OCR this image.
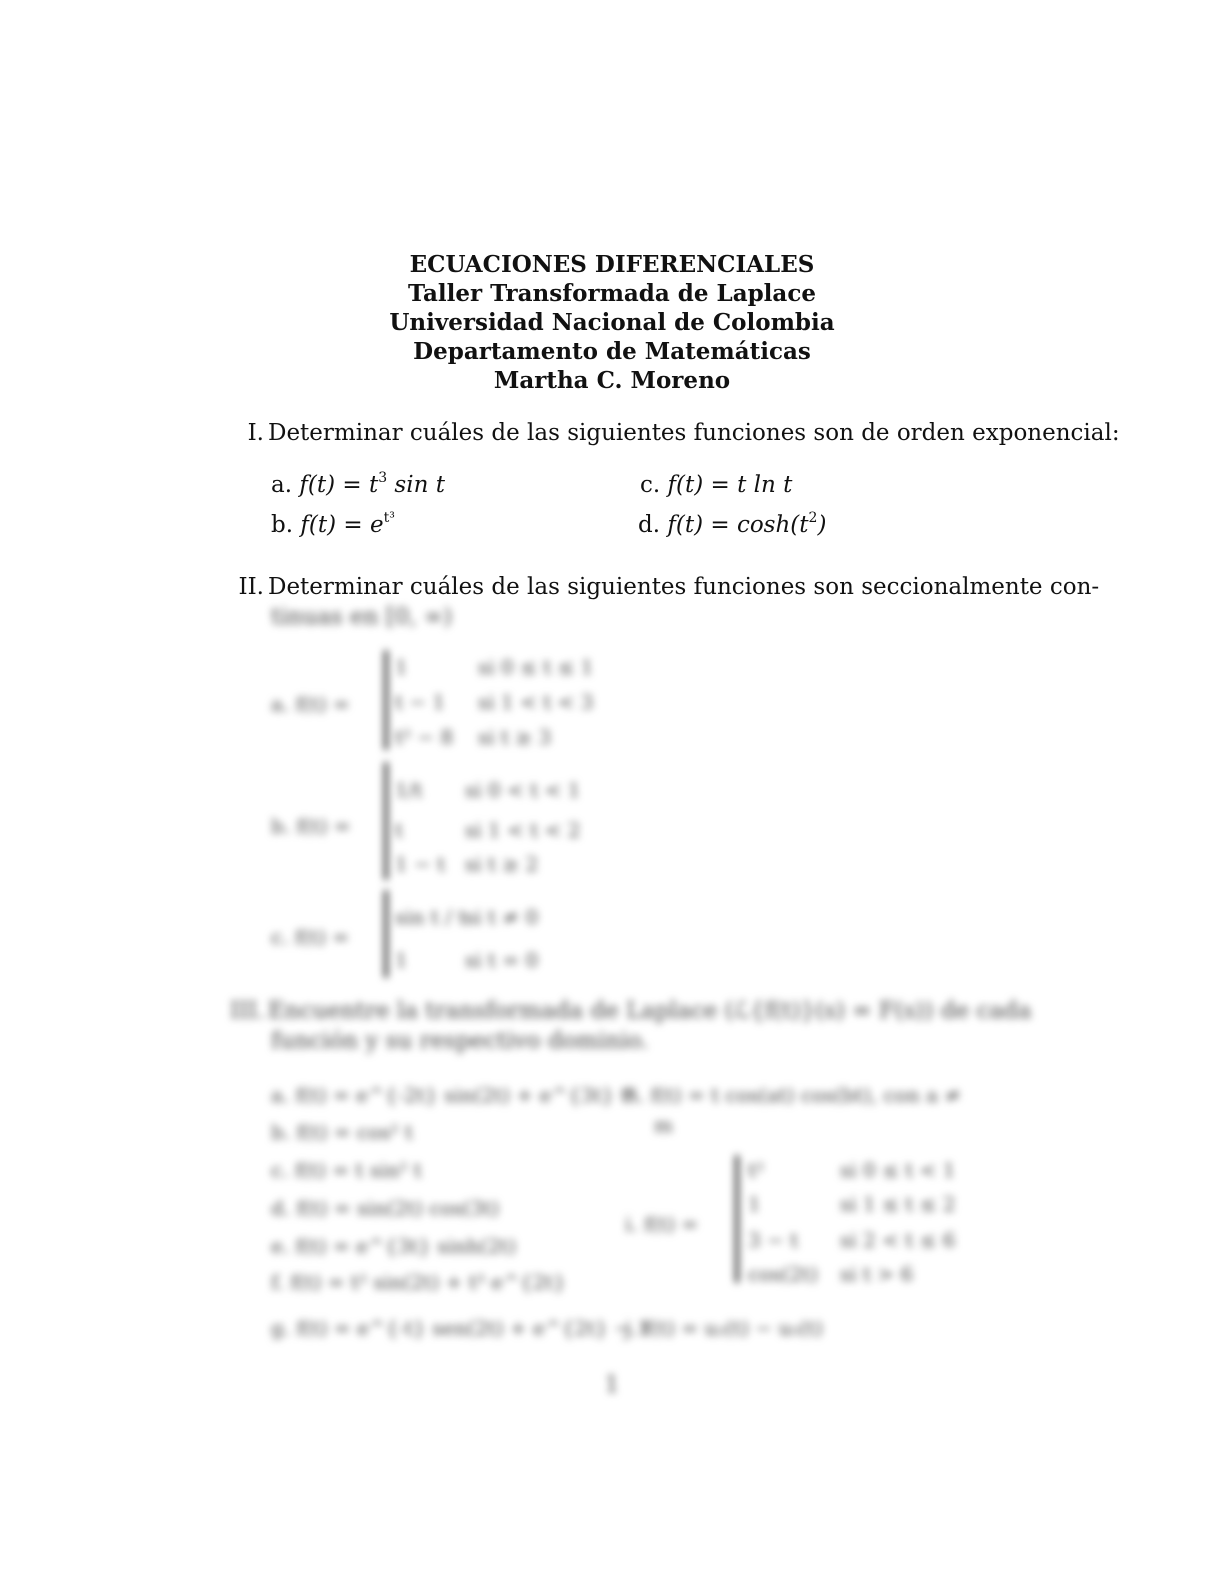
ECUACIONES DIFERENCIALES
Taller Transformada de Laplace
Universidad Nacional de Colombia
Departamento de Matemáticas
Martha C. Moreno
I. Determinar cuáles de las siguientes funciones son de orden exponencial:
a. $f(t) = t^3$ sin t
b. $f(t) = e^{t^3}$
c. f(t) = t ln t
d. $f(t) = \cosh(t^2)$
II. Determinar cuáles de las siguientes funciones son seccionalmente con-
tinuas en [0, ∞)
a. f(t) =
1	si 0 ≤ t ≤ 1
t − 1 si 1 < t < 3
t² − 8 si t ≥ 3
b. f(t) =
1/t si 0 < t < 1
t	si 1 < t < 2
1 − t si t ≥ 2
c. f(t) =
sin t / t
si t ≠ 0
1	si t = 0
III. Encuentre la transformada de Laplace (ℒ{f(t)}(s) = F(s)) de cada
función y su respectivo dominio.
a. f(t) = e^{-2t} sin(2t) + e^{3t} t²
b. f(t) = cos² t
c. f(t) = t sin² t
d. f(t) = sin(2t) cos(3t)
e. f(t) = e^{3t} sinh(2t)
f. f(t) = t² sin(2t) + t³ e^{2t}
g. f(t) = e^{-t} sen(2t) + e^{2t} − 1
h. f(t) = t cos(at) cos(bt), con a ≠
m
i. f(t) =
t²	si 0 ≤ t < 1
1	si 1 ≤ t ≤ 2
3 − t si 2 < t ≤ 6
cos(2t) si t > 6
j. f(t) = u₂(t) − u₅(t)
1
